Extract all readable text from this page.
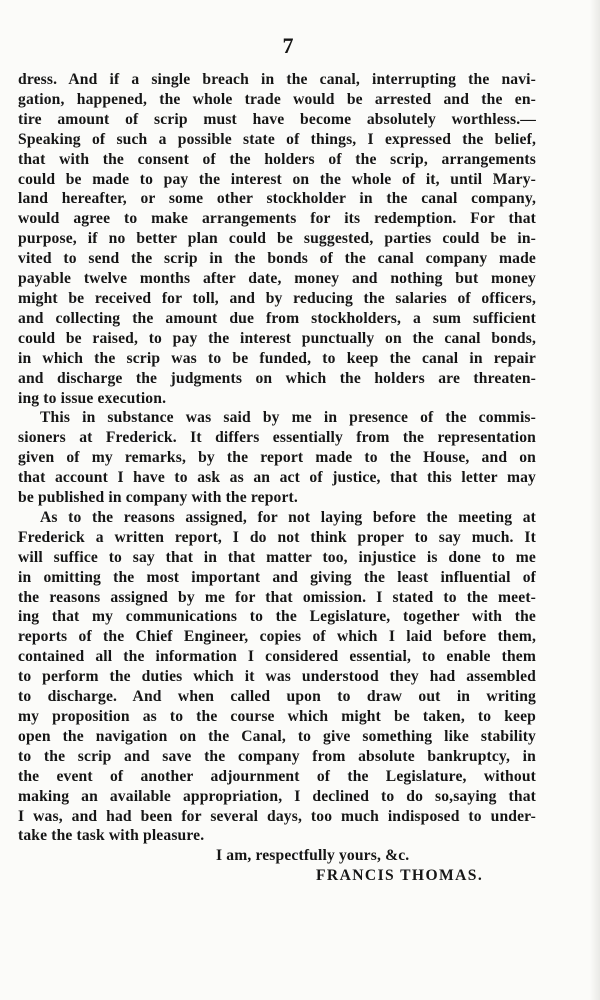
7
dress. And if a single breach in the canal, interrupting the navi-
gation, happened, the whole trade would be arrested and the en-
tire amount of scrip must have become absolutely worthless.—
Speaking of such a possible state of things, I expressed the belief,
that with the consent of the holders of the scrip, arrangements
could be made to pay the interest on the whole of it, until Mary-
land hereafter, or some other stockholder in the canal company,
would agree to make arrangements for its redemption. For that
purpose, if no better plan could be suggested, parties could be in-
vited to send the scrip in the bonds of the canal company made
payable twelve months after date, money and nothing but money
might be received for toll, and by reducing the salaries of officers,
and collecting the amount due from stockholders, a sum sufficient
could be raised, to pay the interest punctually on the canal bonds,
in which the scrip was to be funded, to keep the canal in repair
and discharge the judgments on which the holders are threaten-
ing to issue execution.
This in substance was said by me in presence of the commis-
sioners at Frederick. It differs essentially from the representation
given of my remarks, by the report made to the House, and on
that account I have to ask as an act of justice, that this letter may
be published in company with the report.
As to the reasons assigned, for not laying before the meeting at
Frederick a written report, I do not think proper to say much. It
will suffice to say that in that matter too, injustice is done to me
in omitting the most important and giving the least influential of
the reasons assigned by me for that omission. I stated to the meet-
ing that my communications to the Legislature, together with the
reports of the Chief Engineer, copies of which I laid before them,
contained all the information I considered essential, to enable them
to perform the duties which it was understood they had assembled
to discharge. And when called upon to draw out in writing
my proposition as to the course which might be taken, to keep
open the navigation on the Canal, to give something like stability
to the scrip and save the company from absolute bankruptcy, in
the event of another adjournment of the Legislature, without
making an available appropriation, I declined to do so,saying that
I was, and had been for several days, too much indisposed to under-
take the task with pleasure.
I am, respectfully yours, &c.
FRANCIS THOMAS.
